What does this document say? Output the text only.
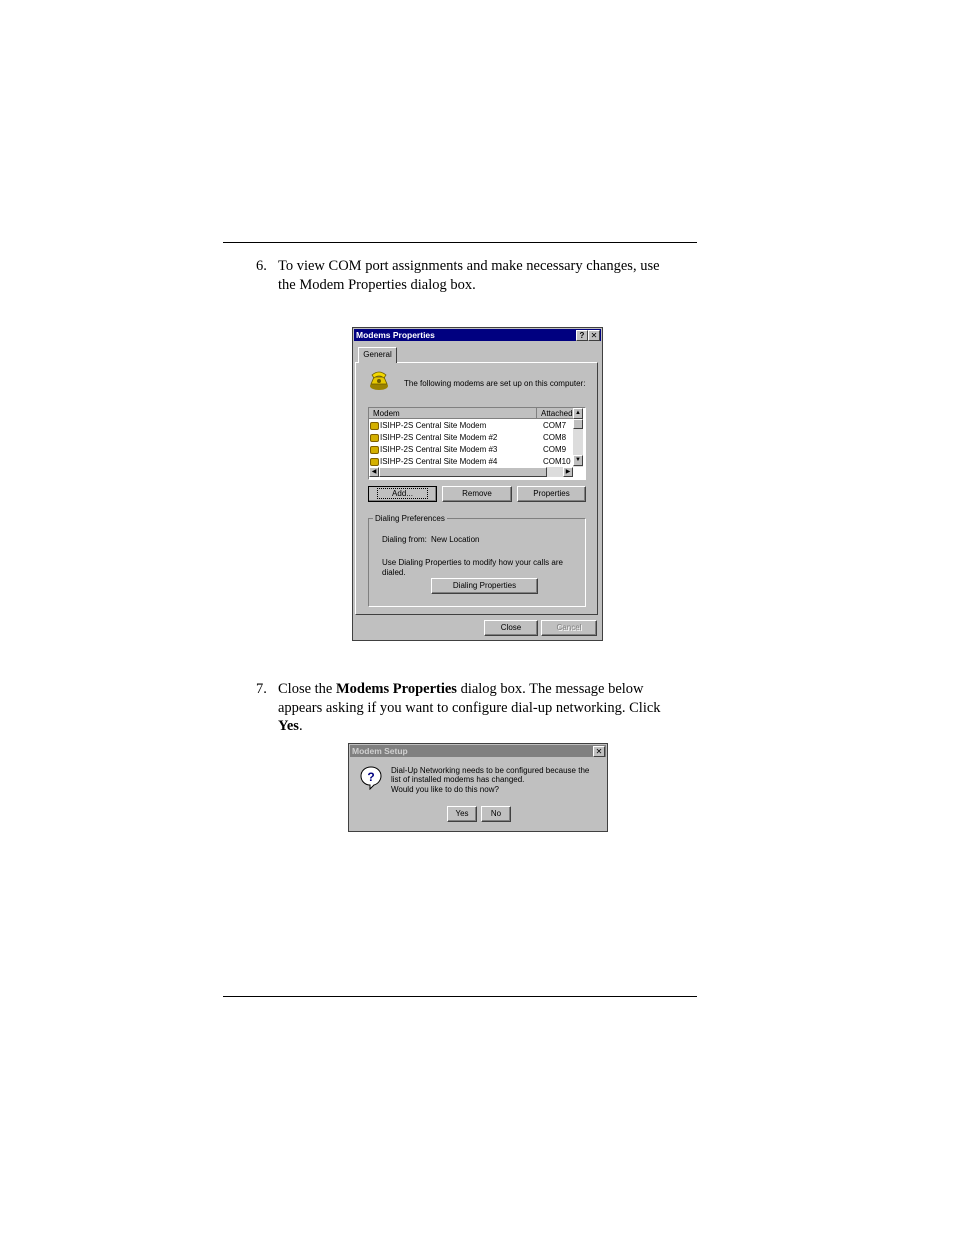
6. To view COM port assignments and make necessary changes, use
the Modem Properties dialog box.
Modems Properties	? ✕
General
The following modems are set up on this computer:
Modem	Attached
ISIHP-2S Central Site Modem	COM7
ISIHP-2S Central Site Modem #2	COM8
ISIHP-2S Central Site Modem #3	COM9
ISIHP-2S Central Site Modem #4	COM10
▲
▼
◀	▶
Add...	Remove	Properties
Dialing Preferences
Dialing from: New Location
Use Dialing Properties to modify how your calls are dialed.
Dialing Properties
Close	Cancel
7. Close the Modems Properties dialog box. The message below
appears asking if you want to configure dial-up networking. Click
Yes.
Modem Setup	✕
? Dial-Up Networking needs to be configured because the list of installed modems has changed.
Would you like to do this now?
Yes	No
